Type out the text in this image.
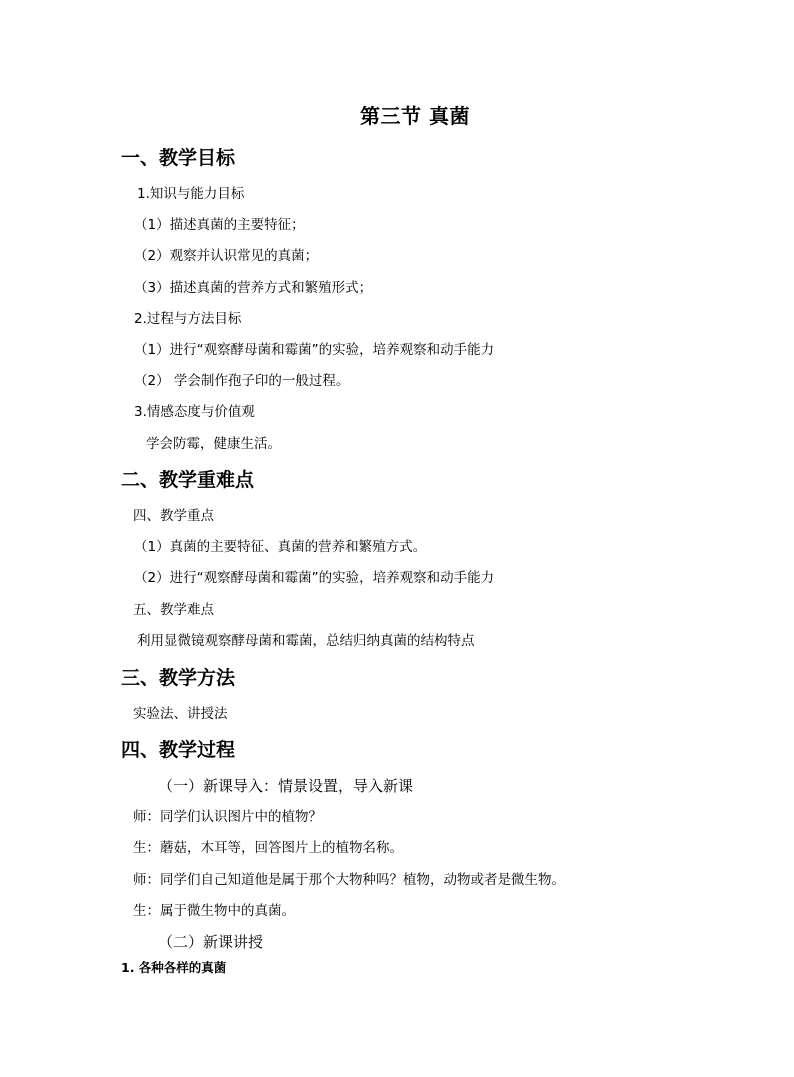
第三节 真菌
一、教学目标
1.知识与能力目标
（1）描述真菌的主要特征；
（2）观察并认识常见的真菌；
（3）描述真菌的营养方式和繁殖形式；
2.过程与方法目标
（1）进行“观察酵母菌和霉菌”的实验，培养观察和动手能力
（2） 学会制作孢子印的一般过程。
3.情感态度与价值观
学会防霉，健康生活。
二、教学重难点
四、教学重点
（1）真菌的主要特征、真菌的营养和繁殖方式。
（2）进行“观察酵母菌和霉菌”的实验，培养观察和动手能力
五、教学难点
利用显微镜观察酵母菌和霉菌，总结归纳真菌的结构特点
三、教学方法
实验法、讲授法
四、教学过程
（一）新课导入：情景设置，导入新课
师：同学们认识图片中的植物？
生：蘑菇，木耳等，回答图片上的植物名称。
师：同学们自己知道他是属于那个大物种吗？植物，动物或者是微生物。
生：属于微生物中的真菌。
（二）新课讲授
1. 各种各样的真菌
